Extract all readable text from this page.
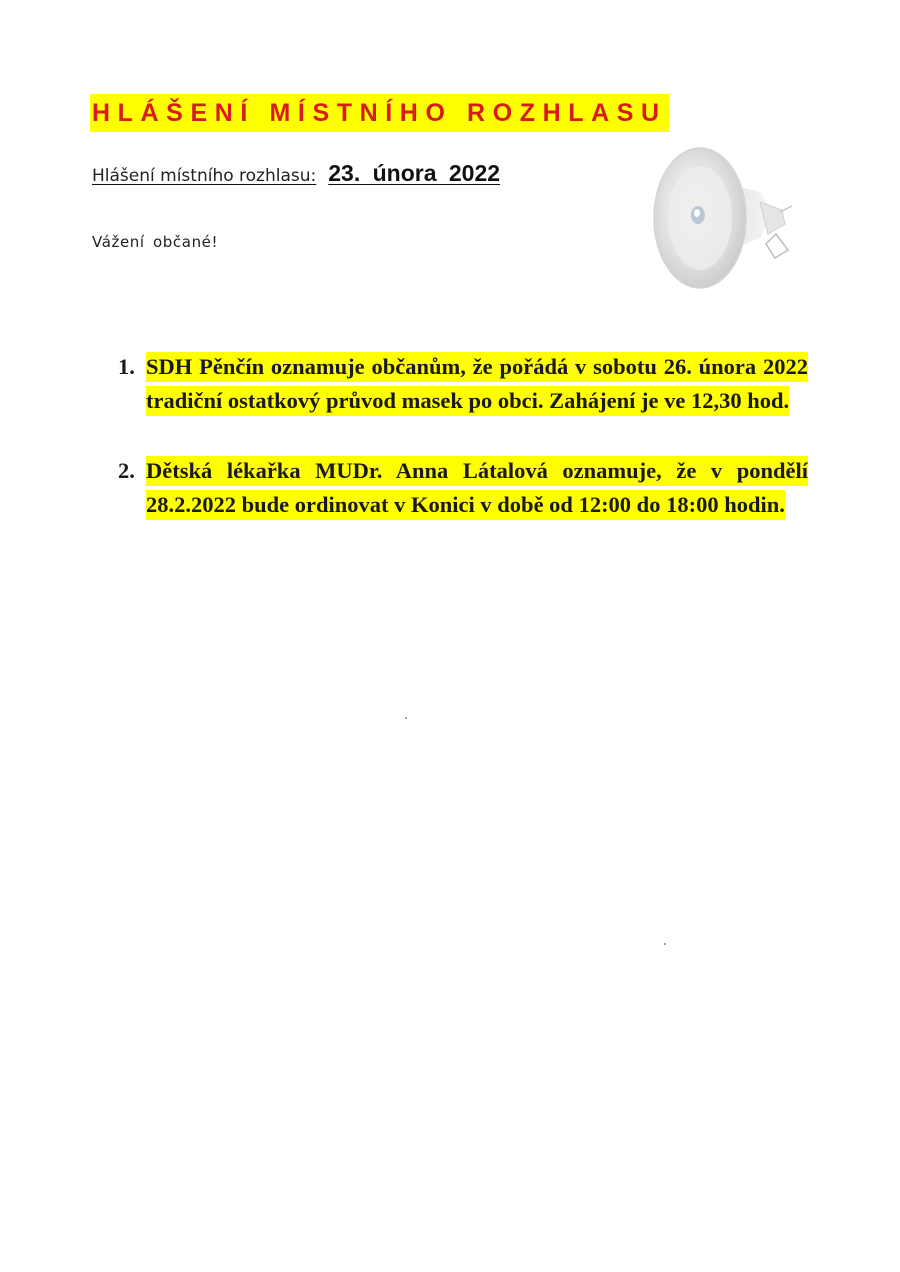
HLÁŠENÍ MÍSTNÍHO ROZHLASU
Hlášení místního rozhlasu: 23. února 2022
Vážení občané!
1. SDH Pěnčín oznamuje občanům, že pořádá v sobotu 26. února 2022 tradiční ostatkový průvod masek po obci. Zahájení je ve 12,30 hod.
2. Dětská lékařka MUDr. Anna Látalová oznamuje, že v pondělí 28.2.2022 bude ordinovat v Konici v době od 12:00 do 18:00 hodin.
